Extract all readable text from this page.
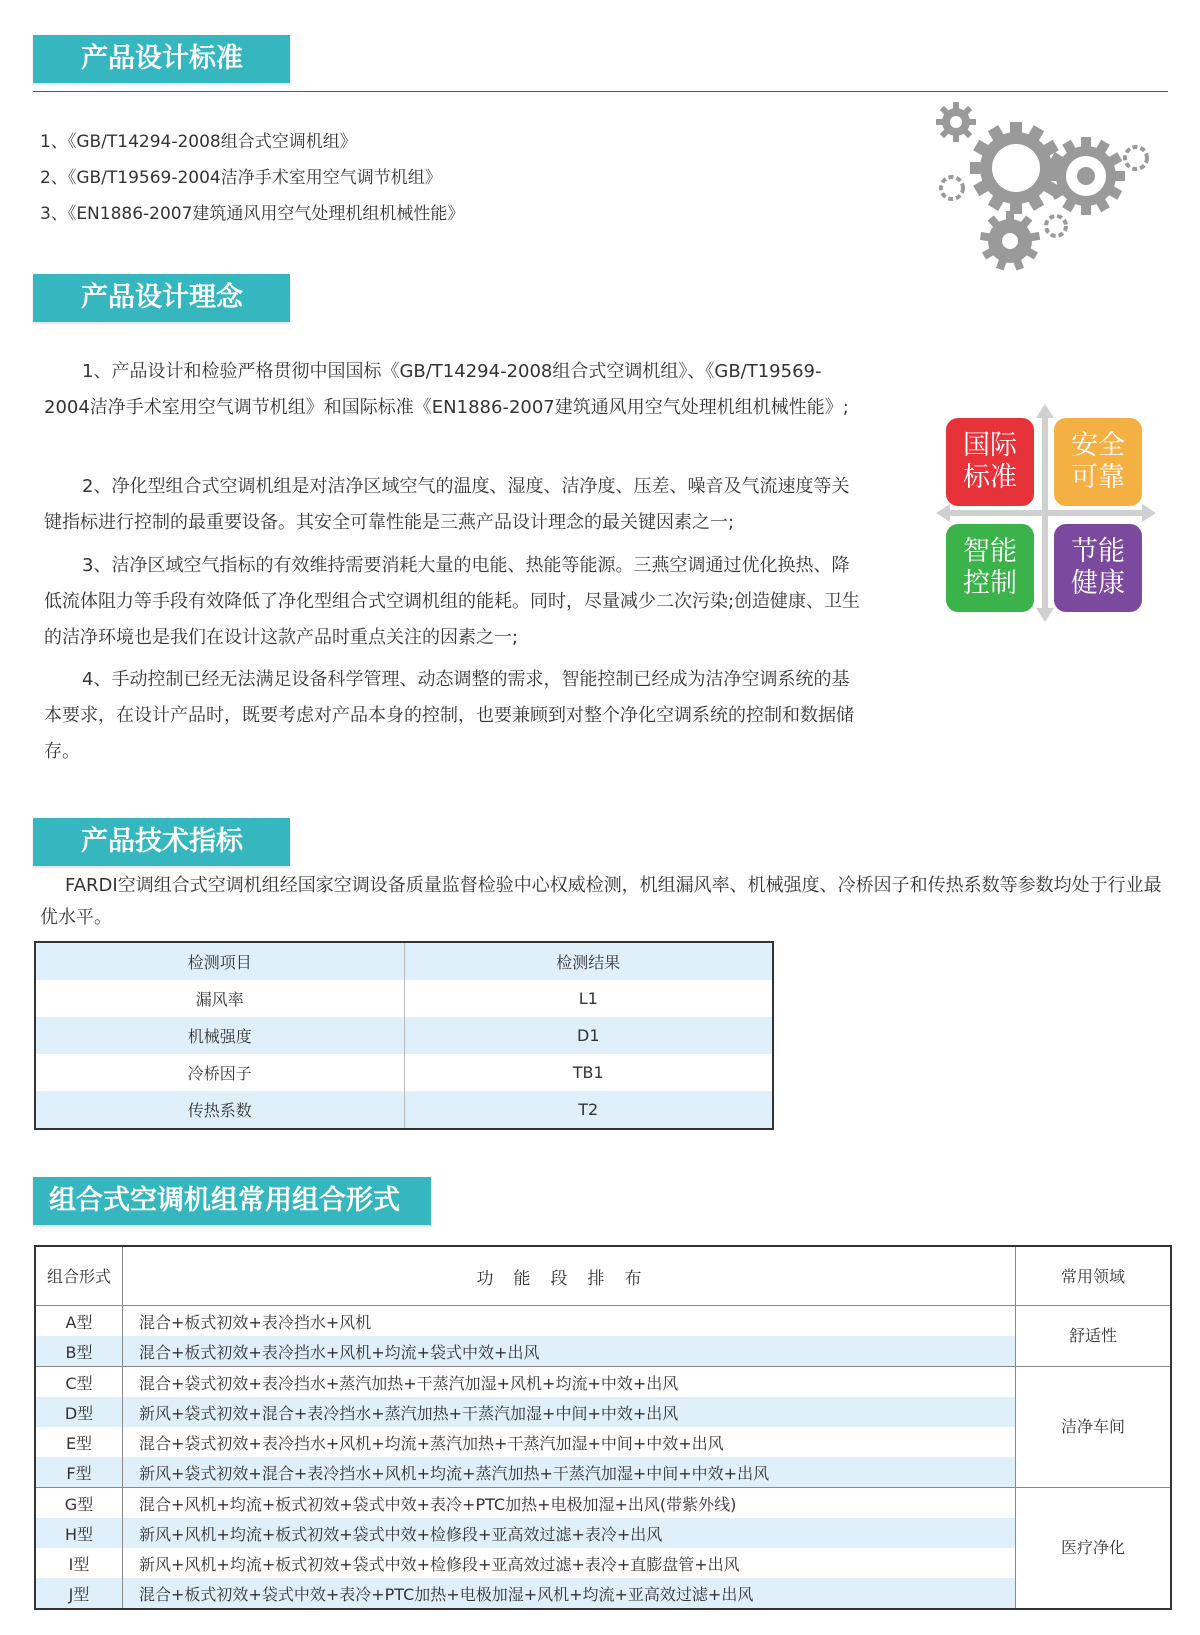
产品设计标准
1、《GB/T14294-2008组合式空调机组》
2、《GB/T19569-2004洁净手术室用空气调节机组》
3、《EN1886-2007建筑通风用空气处理机组机械性能》
产品设计理念
1、产品设计和检验严格贯彻中国国标《GB/T14294-2008组合式空调机组》、《GB/T19569-2004洁净手术室用空气调节机组》和国际标准《EN1886-2007建筑通风用空气处理机组机械性能》;
2、净化型组合式空调机组是对洁净区域空气的温度、湿度、洁净度、压差、噪音及气流速度等关键指标进行控制的最重要设备。其安全可靠性能是三燕产品设计理念的最关键因素之一;
3、洁净区域空气指标的有效维持需要消耗大量的电能、热能等能源。三燕空调通过优化换热、降低流体阻力等手段有效降低了净化型组合式空调机组的能耗。同时，尽量减少二次污染;创造健康、卫生的洁净环境也是我们在设计这款产品时重点关注的因素之一;
4、手动控制已经无法满足设备科学管理、动态调整的需求，智能控制已经成为洁净空调系统的基本要求，在设计产品时，既要考虑对产品本身的控制，也要兼顾到对整个净化空调系统的控制和数据储存。
国际标准
安全可靠
智能控制
节能健康
产品技术指标
FARDI空调组合式空调机组经国家空调设备质量监督检验中心权威检测，机组漏风率、机械强度、冷桥因子和传热系数等参数均处于行业最优水平。
检测项目	检测结果
漏风率	L1
机械强度	D1
冷桥因子	TB1
传热系数	T2
组合式空调机组常用组合形式
组合形式	功能段排布	常用领域
A型	混合+板式初效+表冷挡水+风机	舒适性
B型	混合+板式初效+表冷挡水+风机+均流+袋式中效+出风	
C型	混合+袋式初效+表冷挡水+蒸汽加热+干蒸汽加湿+风机+均流+中效+出风	洁净车间
D型	新风+袋式初效+混合+表冷挡水+蒸汽加热+干蒸汽加湿+中间+中效+出风	
E型	混合+袋式初效+表冷挡水+风机+均流+蒸汽加热+干蒸汽加湿+中间+中效+出风	
F型	新风+袋式初效+混合+表冷挡水+风机+均流+蒸汽加热+干蒸汽加湿+中间+中效+出风	
G型	混合+风机+均流+板式初效+袋式中效+表冷+PTC加热+电极加湿+出风(带紫外线)	医疗净化
H型	新风+风机+均流+板式初效+袋式中效+检修段+亚高效过滤+表冷+出风	
I型	新风+风机+均流+板式初效+袋式中效+检修段+亚高效过滤+表冷+直膨盘管+出风	
J型	混合+板式初效+袋式中效+表冷+PTC加热+电极加湿+风机+均流+亚高效过滤+出风	
